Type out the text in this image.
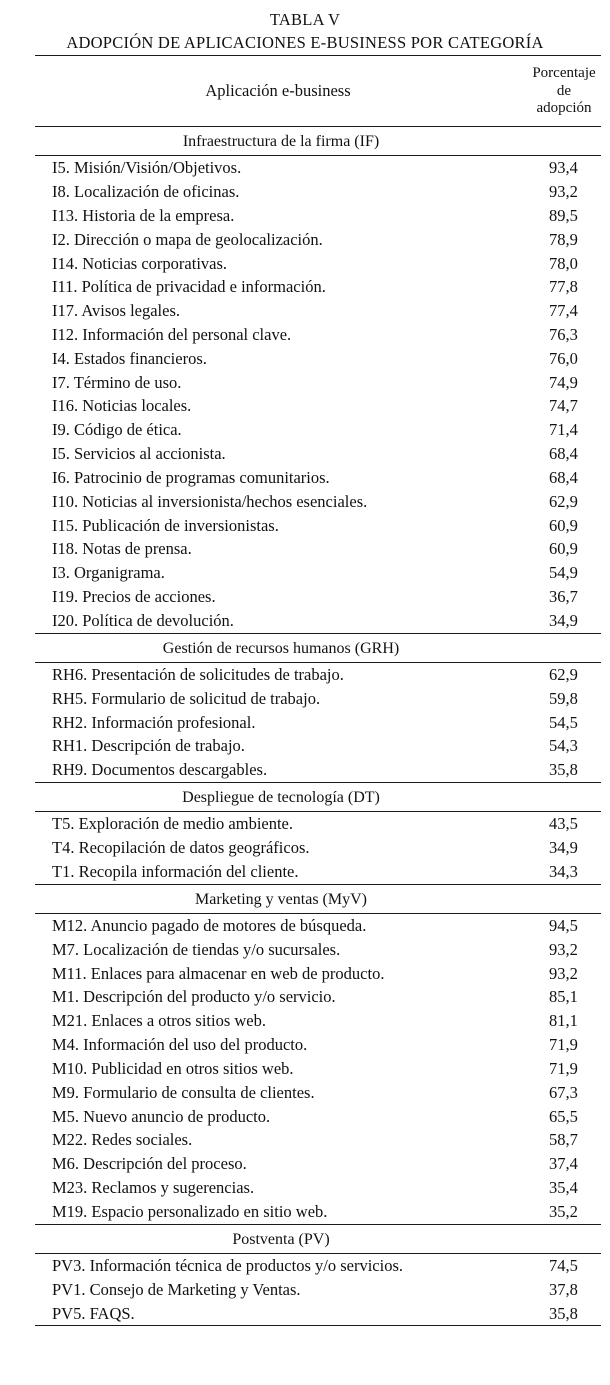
TABLA V
ADOPCIÓN DE APLICACIONES E-BUSINESS POR CATEGORÍA
Aplicación e-business	Porcentaje de
adopción

Infraestructura de la firma (IF)	

I5. Misión/Visión/Objetivos.	93,4
I8. Localización de oficinas.	93,2
I13. Historia de la empresa.	89,5
I2. Dirección o mapa de geolocalización.	78,9
I14. Noticias corporativas.	78,0
I11. Política de privacidad e información.	77,8
I17. Avisos legales.	77,4
I12. Información del personal clave.	76,3
I4. Estados financieros.	76,0
I7. Término de uso.	74,9
I16. Noticias locales.	74,7
I9. Código de ética.	71,4
I5. Servicios al accionista.	68,4
I6. Patrocinio de programas comunitarios.	68,4
I10. Noticias al inversionista/hechos esenciales.	62,9
I15. Publicación de inversionistas.	60,9
I18. Notas de prensa.	60,9
I3. Organigrama.	54,9
I19. Precios de acciones.	36,7
I20. Política de devolución.	34,9

Gestión de recursos humanos (GRH)	

RH6. Presentación de solicitudes de trabajo.	62,9
RH5. Formulario de solicitud de trabajo.	59,8
RH2. Información profesional.	54,5
RH1. Descripción de trabajo.	54,3
RH9. Documentos descargables.	35,8

Despliegue de tecnología (DT)	

T5. Exploración de medio ambiente.	43,5
T4. Recopilación de datos geográficos.	34,9
T1. Recopila información del cliente.	34,3

Marketing y ventas (MyV)	

M12. Anuncio pagado de motores de búsqueda.	94,5
M7. Localización de tiendas y/o sucursales.	93,2
M11. Enlaces para almacenar en web de producto.	93,2
M1. Descripción del producto y/o servicio.	85,1
M21. Enlaces a otros sitios web.	81,1
M4. Información del uso del producto.	71,9
M10. Publicidad en otros sitios web.	71,9
M9. Formulario de consulta de clientes.	67,3
M5. Nuevo anuncio de producto.	65,5
M22. Redes sociales.	58,7
M6. Descripción del proceso.	37,4
M23. Reclamos y sugerencias.	35,4
M19. Espacio personalizado en sitio web.	35,2

Postventa (PV)	

PV3. Información técnica de productos y/o servicios.	74,5
PV1. Consejo de Marketing y Ventas.	37,8
PV5. FAQS.	35,8
